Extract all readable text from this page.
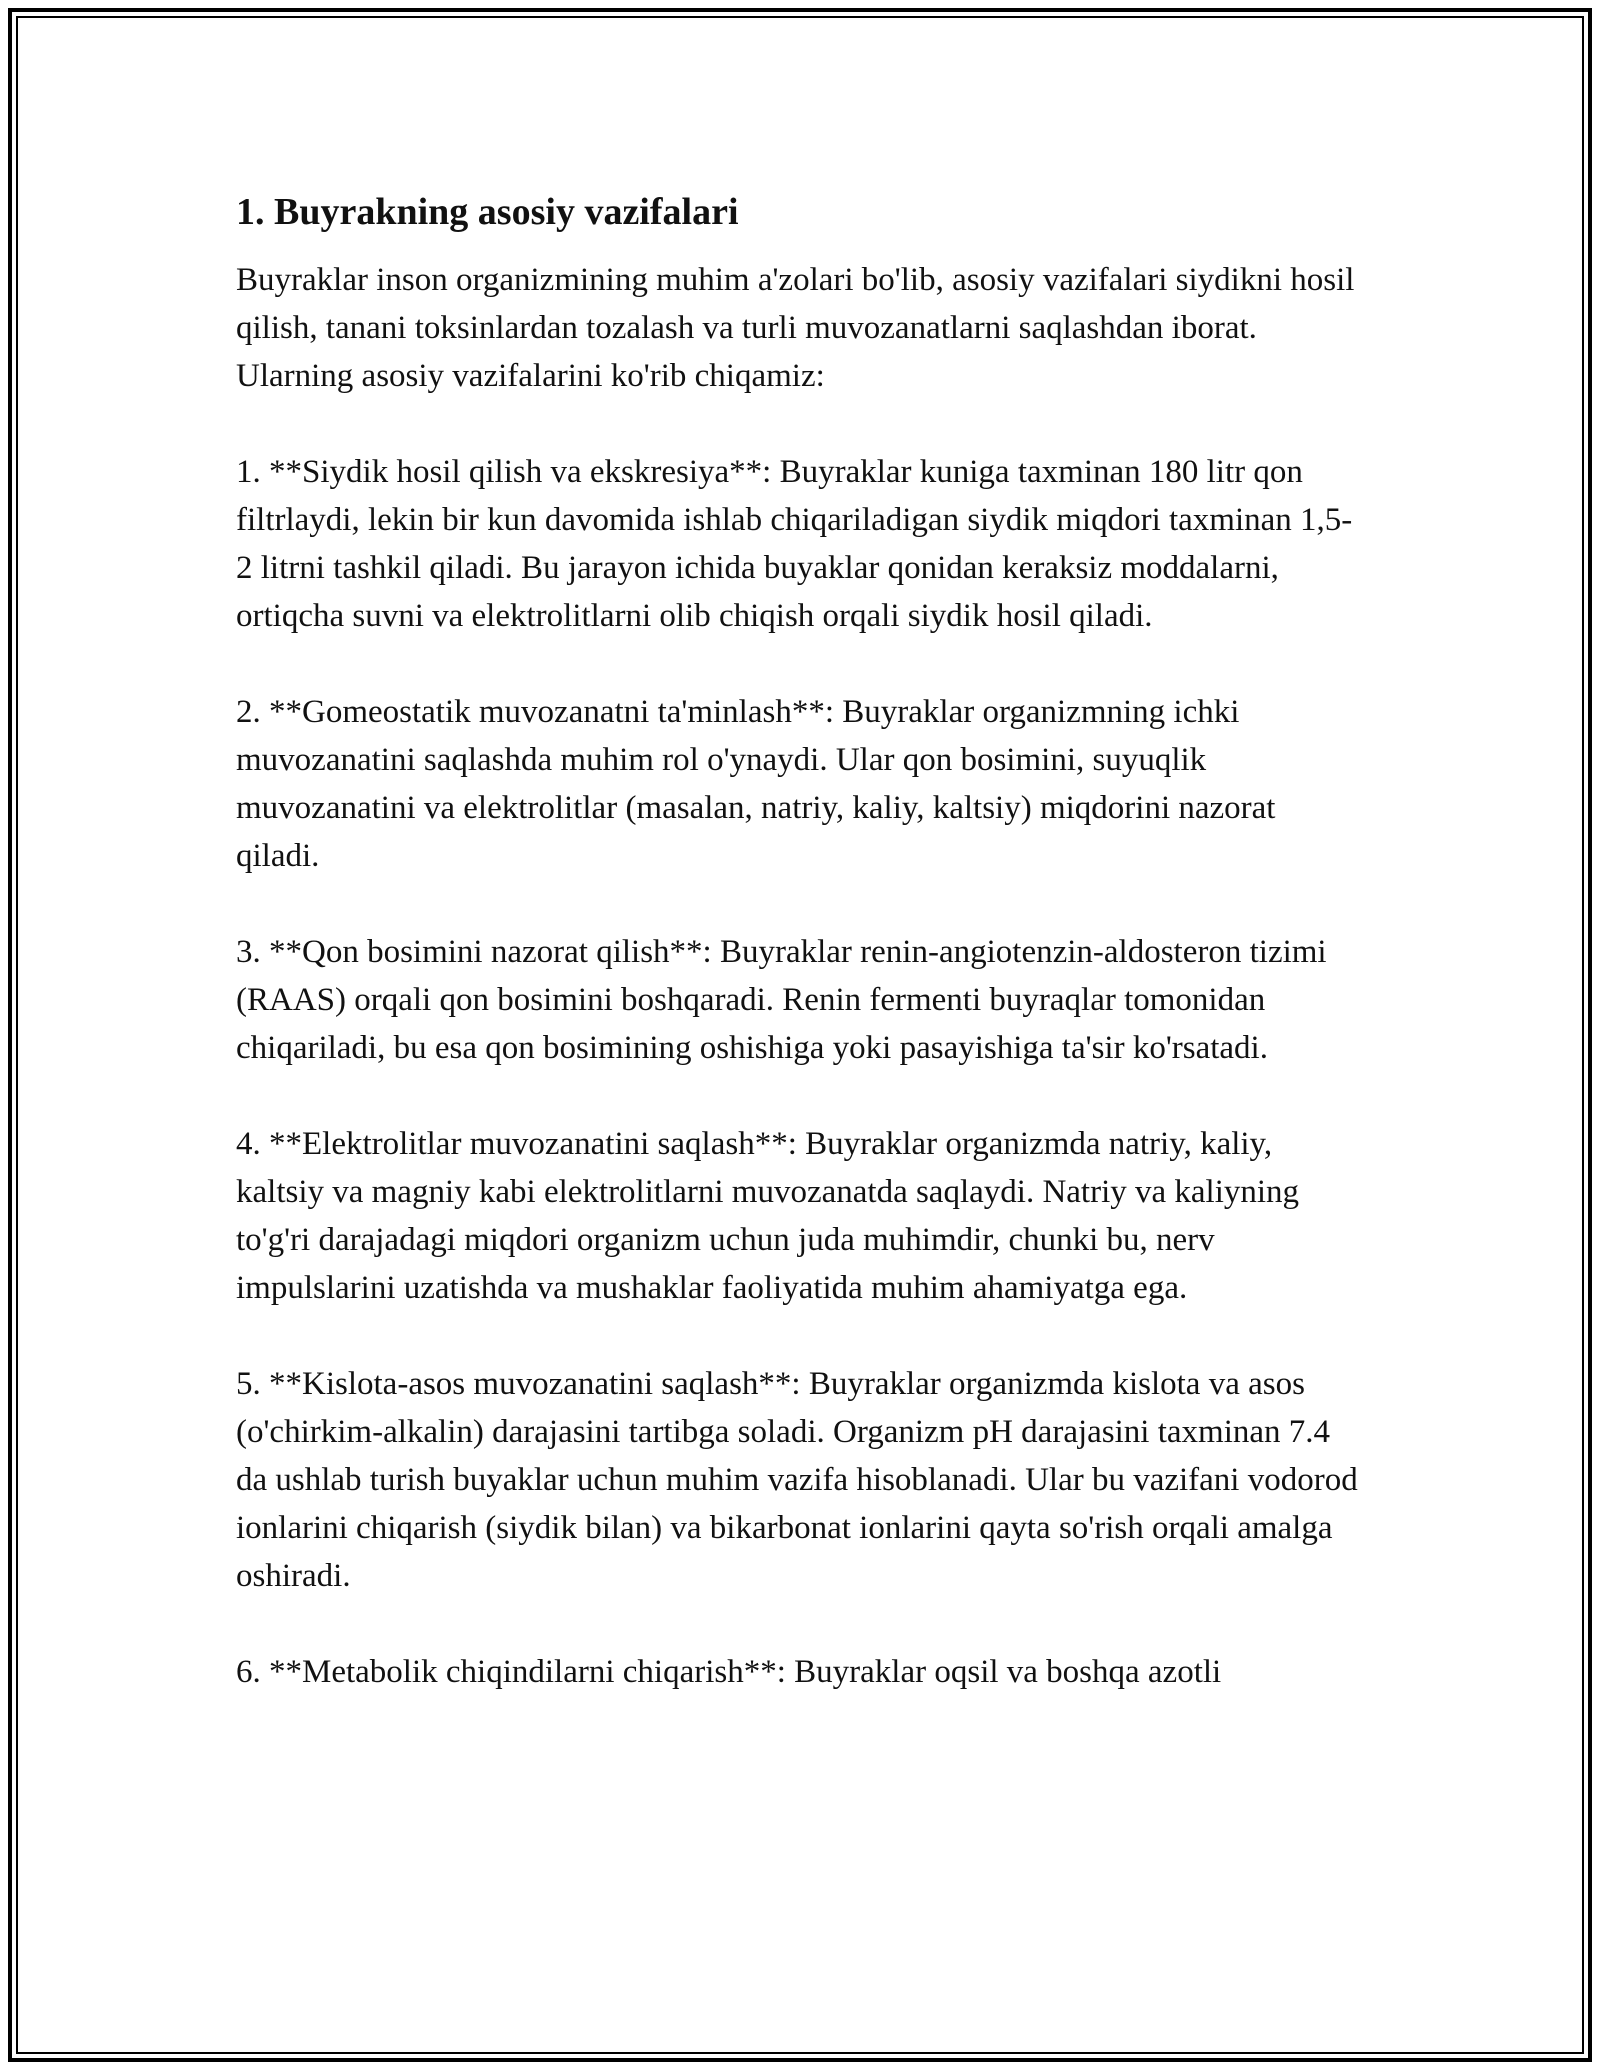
1. Buyrakning asosiy vazifalari

Buyraklar inson organizmining muhim a'zolari bo'lib, asosiy vazifalari siydikni hosil qilish, tanani toksinlardan tozalash va turli muvozanatlarni saqlashdan iborat. Ularning asosiy vazifalarini ko'rib chiqamiz:

1. **Siydik hosil qilish va ekskresiya**: Buyraklar kuniga taxminan 180 litr qon filtrlaydi, lekin bir kun davomida ishlab chiqariladigan siydik miqdori taxminan 1,5-2 litrni tashkil qiladi. Bu jarayon ichida buyaklar qonidan keraksiz moddalarni, ortiqcha suvni va elektrolitlarni olib chiqish orqali siydik hosil qiladi.

2. **Gomeostatik muvozanatni ta'minlash**: Buyraklar organizmning ichki muvozanatini saqlashda muhim rol o'ynaydi. Ular qon bosimini, suyuqlik muvozanatini va elektrolitlar (masalan, natriy, kaliy, kaltsiy) miqdorini nazorat qiladi.

3. **Qon bosimini nazorat qilish**: Buyraklar renin-angiotenzin-aldosteron tizimi (RAAS) orqali qon bosimini boshqaradi. Renin fermenti buyraqlar tomonidan chiqariladi, bu esa qon bosimining oshishiga yoki pasayishiga ta'sir ko'rsatadi.

4. **Elektrolitlar muvozanatini saqlash**: Buyraklar organizmda natriy, kaliy, kaltsiy va magniy kabi elektrolitlarni muvozanatda saqlaydi. Natriy va kaliyning to'g'ri darajadagi miqdori organizm uchun juda muhimdir, chunki bu, nerv impulslarini uzatishda va mushaklar faoliyatida muhim ahamiyatga ega.

5. **Kislota-asos muvozanatini saqlash**: Buyraklar organizmda kislota va asos (o'chirkim-alkalin) darajasini tartibga soladi. Organizm pH darajasini taxminan 7.4 da ushlab turish buyaklar uchun muhim vazifa hisoblanadi. Ular bu vazifani vodorod ionlarini chiqarish (siydik bilan) va bikarbonat ionlarini qayta so'rish orqali amalga oshiradi.

6. **Metabolik chiqindilarni chiqarish**: Buyraklar oqsil va boshqa azotli
